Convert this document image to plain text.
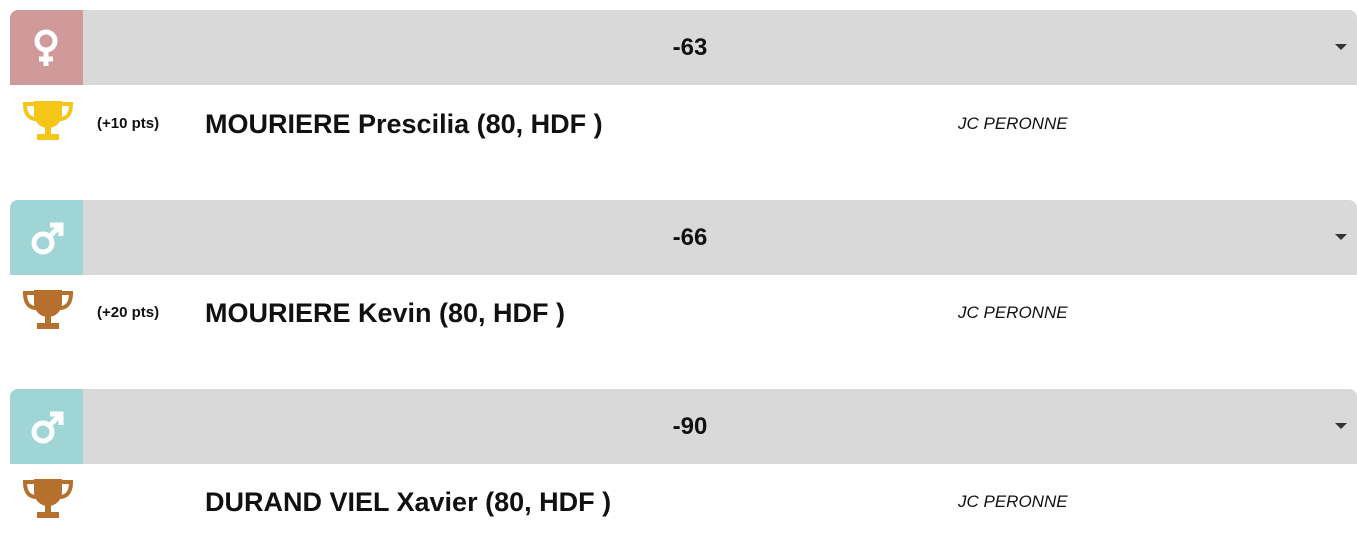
-63
(+10 pts) MOURIERE Prescilia (80, HDF )	JC PERONNE
-66
(+20 pts) MOURIERE Kevin (80, HDF )	JC PERONNE
-90
DURAND VIEL Xavier (80, HDF )	JC PERONNE
